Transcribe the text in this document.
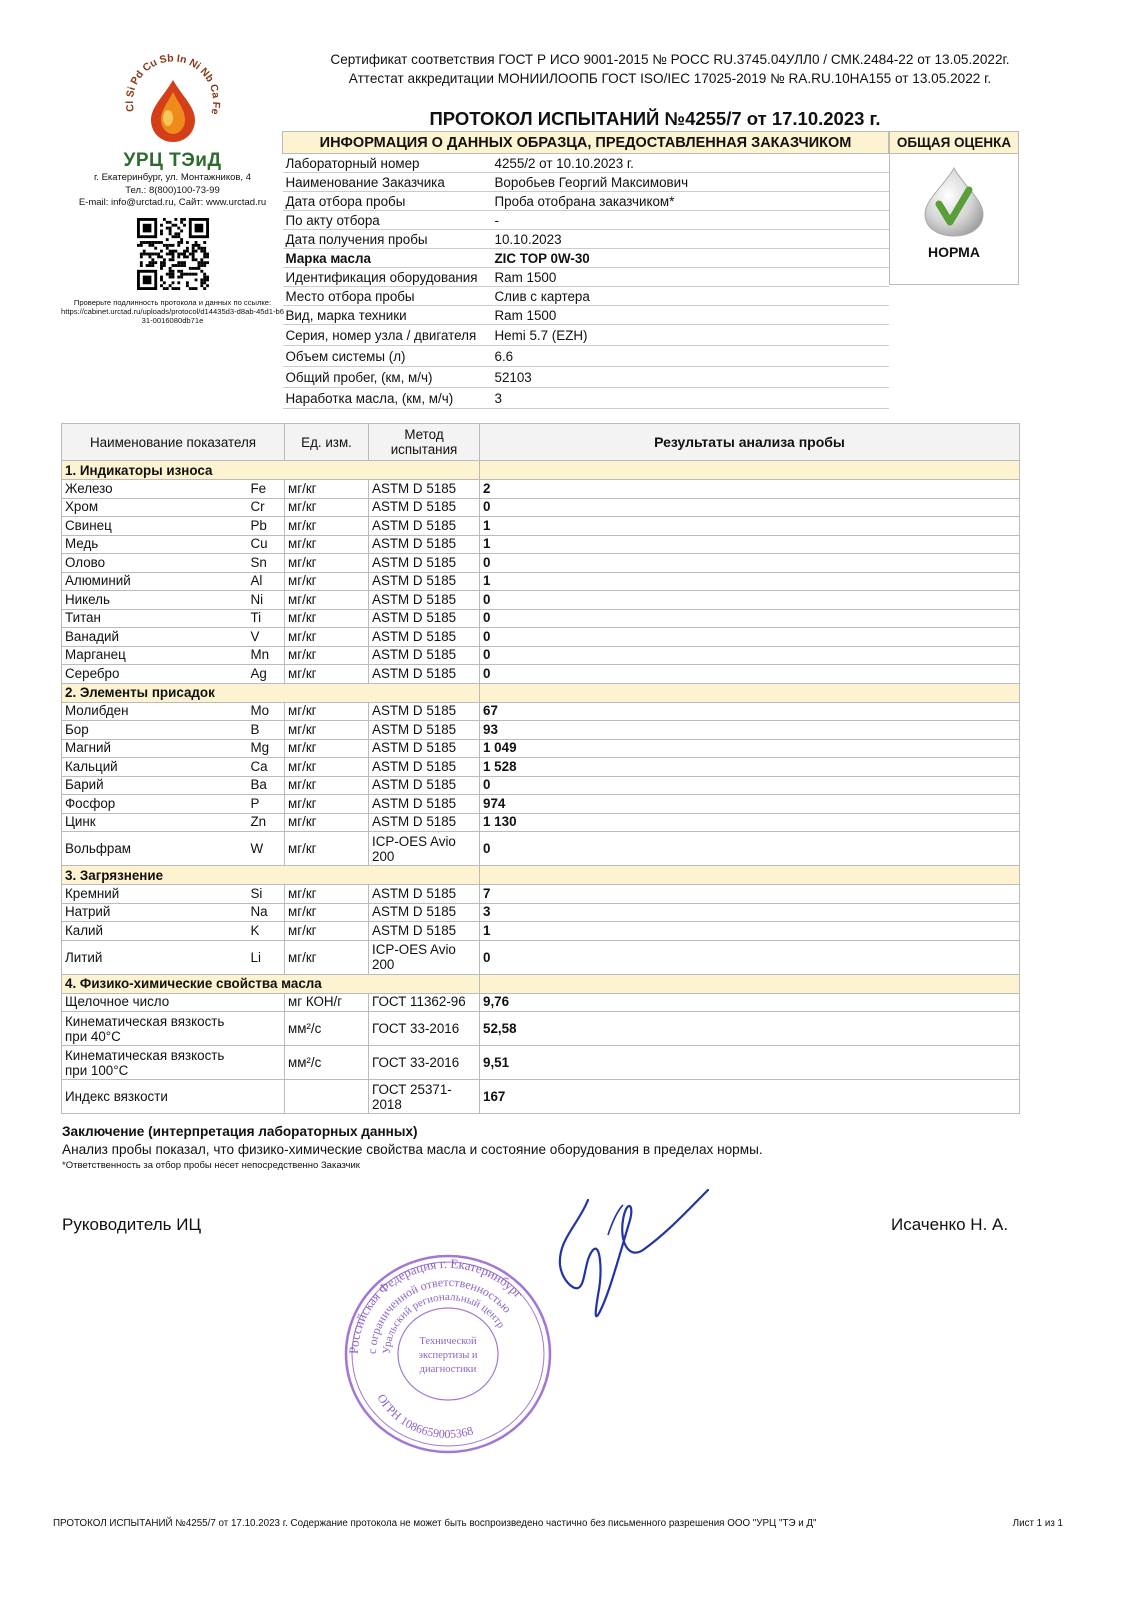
Cl Si Pd Cu Sb In Ni Nb Ca Fe
УРЦ ТЭиД
г. Екатеринбург, ул. Монтажников, 4
Тел.: 8(800)100-73-99
E-mail: info@urctad.ru, Сайт: www.urctad.ru
Проверьте подлинность протокола и данных по ссылке:
https://cabinet.urctad.ru/uploads/protocol/d14435d3-d8ab-45d1-b631-0016080db71e
Сертификат соответствия ГОСТ Р ИСО 9001-2015 № РОСС RU.3745.04УЛЛ0 / СМК.2484-22 от 13.05.2022г.
Аттестат аккредитации МОНИИЛООПБ ГОСТ ISO/IEC 17025-2019 № RA.RU.10НА155 от 13.05.2022 г.
ПРОТОКОЛ ИСПЫТАНИЙ №4255/7 от 17.10.2023 г.
ИНФОРМАЦИЯ О ДАННЫХ ОБРАЗЦА, ПРЕДОСТАВЛЕННАЯ ЗАКАЗЧИКОМ	
Лабораторный номер	4255/2 от 10.10.2023 г.
Наименование Заказчика	Воробьев Георгий Максимович
Дата отбора пробы	Проба отобрана заказчиком*
По акту отбора	-
Дата получения пробы	10.10.2023
Марка масла	ZIC TOP 0W-30
Идентификация оборудования	Ram 1500
Место отбора пробы	Слив с картера
Вид, марка техники	Ram 1500
Серия, номер узла / двигателя	Hemi 5.7 (EZH)
Объем системы (л)	6.6
Общий пробег, (км, м/ч)	52103
Наработка масла, (км, м/ч)	3
ОБЩАЯ ОЦЕНКА
НОРМА
Наименование показателя		Ед. изм.	Метод испытания	Результаты анализа пробы
1. Индикаторы износа				
Железо	Fe	мг/кг	ASTM D 5185	2
Хром	Cr	мг/кг	ASTM D 5185	0
Свинец	Pb	мг/кг	ASTM D 5185	1
Медь	Cu	мг/кг	ASTM D 5185	1
Олово	Sn	мг/кг	ASTM D 5185	0
Алюминий	Al	мг/кг	ASTM D 5185	1
Никель	Ni	мг/кг	ASTM D 5185	0
Титан	Ti	мг/кг	ASTM D 5185	0
Ванадий	V	мг/кг	ASTM D 5185	0
Марганец	Mn	мг/кг	ASTM D 5185	0
Серебро	Ag	мг/кг	ASTM D 5185	0
2. Элементы присадок				
Молибден	Mo	мг/кг	ASTM D 5185	67
Бор	B	мг/кг	ASTM D 5185	93
Магний	Mg	мг/кг	ASTM D 5185	1 049
Кальций	Ca	мг/кг	ASTM D 5185	1 528
Барий	Ba	мг/кг	ASTM D 5185	0
Фосфор	P	мг/кг	ASTM D 5185	974
Цинк	Zn	мг/кг	ASTM D 5185	1 130
Вольфрам	W	мг/кг	ICP-OES Avio 200	0
3. Загрязнение				
Кремний	Si	мг/кг	ASTM D 5185	7
Натрий	Na	мг/кг	ASTM D 5185	3
Калий	K	мг/кг	ASTM D 5185	1
Литий	Li	мг/кг	ICP-OES Avio 200	0
4. Физико-химические свойства масла				
Щелочное число		мг КОН/г	ГОСТ 11362-96	9,76
Кинематическая вязкость при 40°C		мм²/с	ГОСТ 33-2016	52,58
Кинематическая вязкость при 100°C		мм²/с	ГОСТ 33-2016	9,51
Индекс вязкости			ГОСТ 25371-2018	167
Заключение (интерпретация лабораторных данных)
Анализ пробы показал, что физико-химические свойства масла и состояние оборудования в пределах нормы.
*Ответственность за отбор пробы несет непосредственно Заказчик
Руководитель ИЦ	Исаченко Н. А.
Российская Федерация г. Екатеринбург
с ограниченной ответственностью
Уральский региональный центр
ОГРН 1086659005368
Технической
экспертизы и
диагностики
ПРОТОКОЛ ИСПЫТАНИЙ №4255/7 от 17.10.2023 г. Содержание протокола не может быть воспроизведено частично без письменного разрешения ООО "УРЦ "ТЭ и Д"	Лист 1 из 1
